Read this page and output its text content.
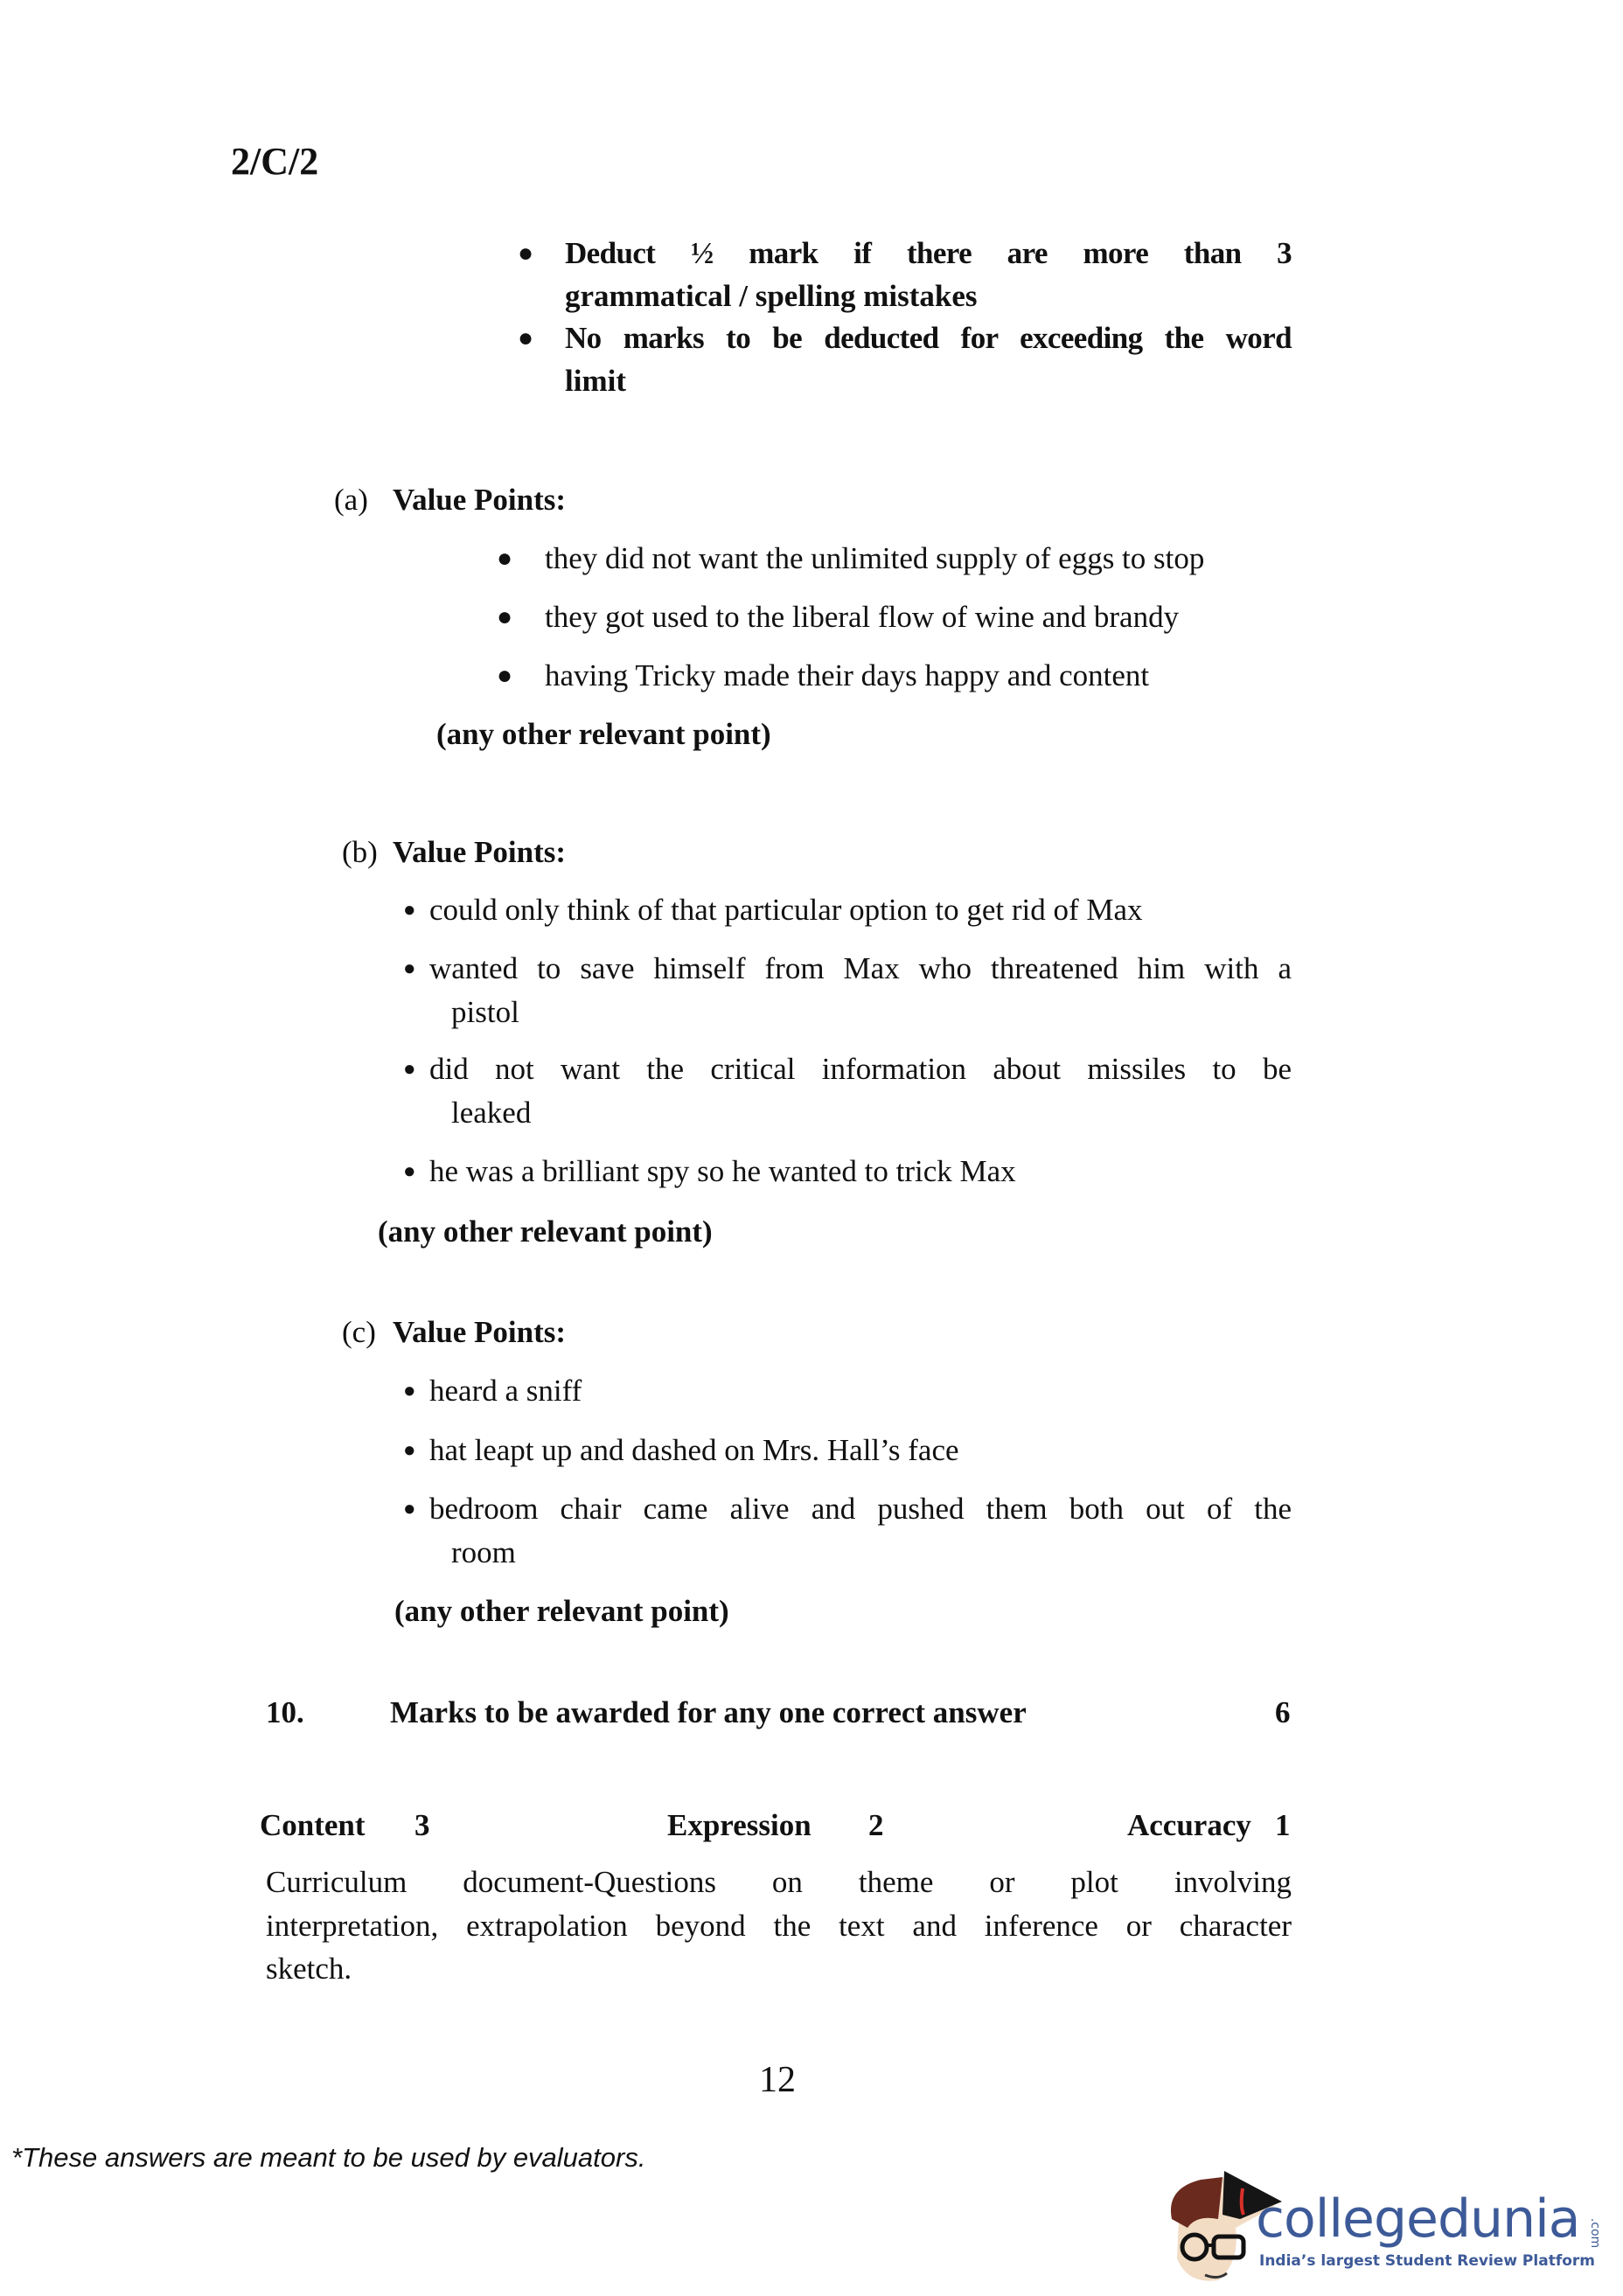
2/C/2
● Deduct ½ mark if there are more than 3
grammatical / spelling mistakes
● No marks to be deducted for exceeding the word
limit
(a) Value Points:
● they did not want the unlimited supply of eggs to stop
● they got used to the liberal flow of wine and brandy
● having Tricky made their days happy and content
(any other relevant point)
(b) Value Points:
● could only think of that particular option to get rid of Max
● wanted to save himself from Max who threatened him with a
pistol
● did not want the critical information about missiles to be
leaked
● he was a brilliant spy so he wanted to trick Max
(any other relevant point)
(c) Value Points:
● heard a sniff
● hat leapt up and dashed on Mrs. Hall’s face
● bedroom chair came alive and pushed them both out of the
room
(any other relevant point)
10.	Marks to be awarded for any one correct answer	6
Content 3	Expression 2	Accuracy 1
Curriculum document-Questions on theme or plot involving
interpretation, extrapolation beyond the text and inference or character
sketch.
12
*These answers are meant to be used by evaluators.
collegedunia .com
India’s largest Student Review Platform
